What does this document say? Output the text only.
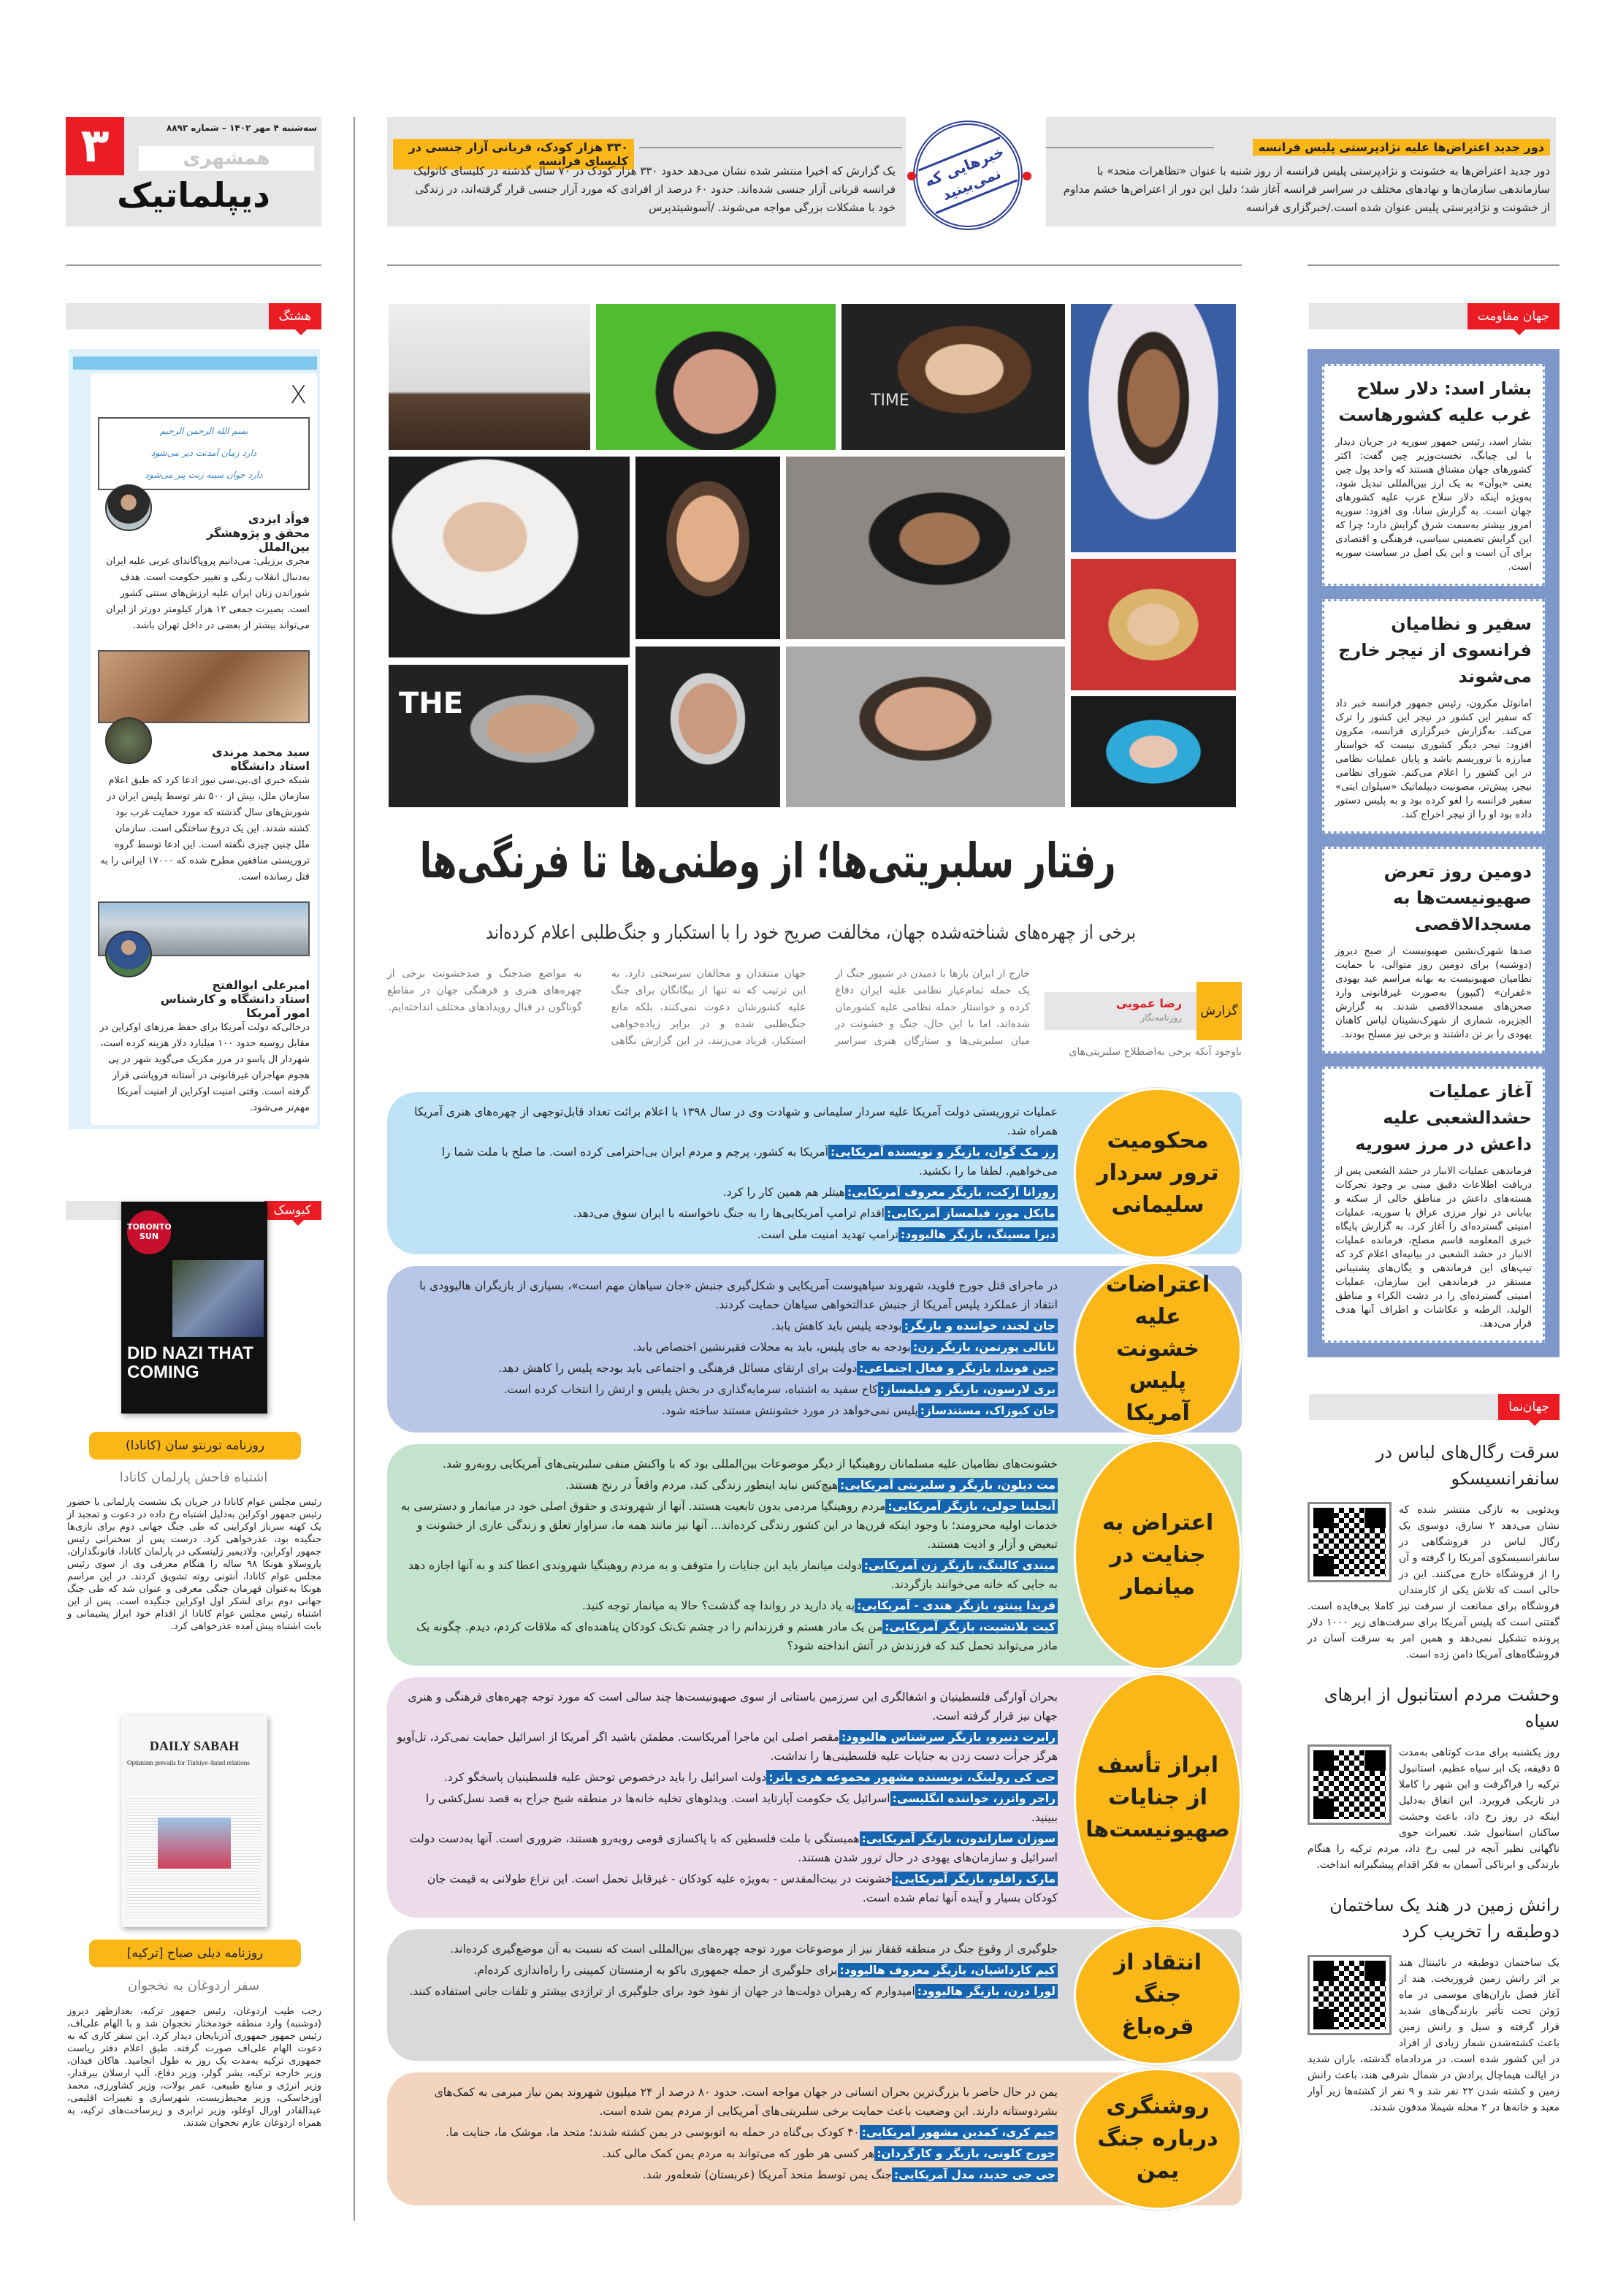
۳	سه‌شنبه ۴ مهر ۱۴۰۲ – شماره ۸۸۹۳
همشهری
دیپلماتیک
دور جدید اعتراض‌ها علیه نژادپرستی پلیس فرانسه
دور جدید اعتراض‌ها به خشونت و نژادپرستی پلیس فرانسه از روز شنبه با عنوان «تظاهرات متحد» با سازماندهی سازمان‌ها و نهادهای مختلف در سراسر فرانسه آغاز شد؛ دلیل این دور از اعتراض‌ها خشم مداوم از خشونت و نژادپرستی پلیس عنوان شده است./خبرگزاری فرانسه
۳۳۰ هزار کودک، قربانی آزار جنسی در کلیسای فرانسه
یک گزارش که اخیرا منتشر شده نشان می‌دهد حدود ۳۳۰ هزار کودک در ۷۰ سال گذشته در کلیسای کاتولیک فرانسه قربانی آزار جنسی شده‌اند. حدود ۶۰ درصد از افرادی که مورد آزار جنسی قرار گرفته‌اند، در زندگی خود با مشکلات بزرگی مواجه می‌شوند. /آسوشیتدپرس
خبرهایی که نمی‌بینید
هشتگ
X
بسم الله الرحمن الرحیم
دارد زمان آمدنت دیر می‌شود
دارد جوان سینه زنت پیر می‌شود
فوأد ایزدی
محقق و پژوهشگر بین‌الملل
مجری برزیلی: می‌دانیم پروپاگاندای غربی علیه ایران به‌دنبال انقلاب رنگی و تغییر حکومت است. هدف شوراندن زنان ایران علیه ارزش‌های سنتی کشور است. بصیرت جمعی ۱۲ هزار کیلومتر دورتر از ایران می‌تواند بیشتر از بعضی در داخل تهران باشد.
سید محمد مرندی
استاد دانشگاه
شبکه خبری ای.بی.سی نیوز ادعا کرد که طبق اعلام سازمان ملل، بیش از ۵۰۰ نفر توسط پلیس ایران در شورش‌های سال گذشته که مورد حمایت غرب بود کشته شدند. این یک دروغ ساختگی است. سازمان ملل چنین چیزی نگفته است. این ادعا توسط گروه تروریستی منافقین مطرح شده که ۱۷۰۰۰ ایرانی را به قتل رسانده است.
امیرعلی ابوالفتح
استاد دانشگاه و کارشناس امور آمریکا
درحالی‌که دولت آمریکا برای حفظ مرزهای اوکراین در مقابل روسیه حدود ۱۰۰ میلیارد دلار هزینه کرده است، شهردار ال پاسو در مرز مکزیک می‌گوید شهر در پی هجوم مهاجران غیرقانونی در آستانه فروپاشی قرار گرفته است. وقتی امنیت اوکراین از امنیت آمریکا مهم‌تر می‌شود.
کیوسک
TORONTO SUN
DID NAZI THAT COMING
روزنامه تورنتو سان (کانادا)
اشتباه فاحش پارلمان کانادا
رئیس مجلس عوام کانادا در جریان یک نشست پارلمانی با حضور رئیس جمهور اوکراین به‌دلیل اشتباه رخ داده در دعوت و تمجید از یک کهنه سرباز اوکراینی که طی جنگ جهانی دوم برای نازی‌ها جنگیده بود، عذرخواهی کرد. درست پس از سخنرانی رئیس جمهور اوکراین، ولادیمیر زلینسکی در پارلمان کانادا، قانونگذاران، یاروسلاو هونکا ۹۸ ساله را هنگام معرفی وی از سوی رئیس مجلس عوام کانادا، آنتونی روته تشویق کردند. در این مراسم هونکا به‌عنوان قهرمان جنگی معرفی و عنوان شد که طی جنگ جهانی دوم برای لشکر اول اوکراین جنگیده است. پس از این اشتباه رئیس مجلس عوام کانادا از اقدام خود ابراز پشیمانی و بابت اشتباه پیش آمده عذرخواهی کرد.
DAILY SABAH
Optimism prevails for Türkiye–Israel relations
روزنامه دیلی صباح [ترکیه]
سفر اردوغان به نخجوان
رجب طیب اردوغان، رئیس جمهور ترکیه، بعدازظهر دیروز (دوشنبه) وارد منطقه خودمختار نخجوان شد و با الهام علی‌اف، رئیس جمهور جمهوری آذربایجان دیدار کرد. این سفر کاری که به دعوت الهام علی‌اف صورت گرفته. طبق اعلام دفتر ریاست جمهوری ترکیه به‌مدت یک روز به طول انجامید. هاکان فیدان، وزیر خارجه ترکیه، یشر گولر، وزیر دفاع، آلپ ارسلان بیرقدار، وزیر انرژی و منابع طبیعی، عمر بولات، وزیر کشاورزی، محمد اوزخاسکی، وزیر محیط‌زیست، شهرسازی و تغییرات اقلیمی، عبدالقادر اورال اوغلو، وزیر ترابری و زیرساخت‌های ترکیه، به همراه اردوغان عازم نخجوان شدند.
TIME
THE
رفتار سلبریتی‌ها؛ از وطنی‌ها تا فرنگی‌ها
برخی از چهره‌های شناخته‌شده جهان، مخالفت صریح خود را با استکبار و جنگ‌طلبی اعلام کرده‌اند
گزارش
رضا عمویی
روزنامه‌نگار
باوجود آنکه برخی به‌اصطلاح سلبریتی‌های
خارج از ایران بارها با دمیدن در شیپور جنگ از یک حمله تمام‌عیار نظامی علیه ایران دفاع کرده و خواستار حمله نظامی علیه کشورمان شده‌اند، اما با این حال، جنگ و خشونت در میان سلبریتی‌ها و ستارگان هنری سراسر جهان منتقدان و مخالفان سرسختی دارد. به این ترتیب که نه تنها از بیگانگان برای جنگ علیه کشورشان دعوت نمی‌کنند، بلکه مانع جنگ‌طلبی شده و در برابر زیاده‌خواهی استکبار، فریاد می‌زنند. در این گزارش نگاهی به مواضع ضدجنگ و ضدخشونت برخی از چهره‌های هنری و فرهنگی جهان در مقاطع گوناگون در قبال رویدادهای مختلف انداخته‌ایم.
محکومیت ترور سردار سلیمانی
عملیات تروریستی دولت آمریکا علیه سردار سلیمانی و شهادت وی در سال ۱۳۹۸ با اعلام برائت تعداد قابل‌توجهی از چهره‌های هنری آمریکا همراه شد.
رز مک گوان، بازیگر و نویسنده آمریکایی:آمریکا به کشور، پرچم و مردم ایران بی‌احترامی کرده است. ما صلح با ملت شما را می‌خواهیم. لطفا ما را نکشید.
روزانا آرکت، بازیگر معروف آمریکایی:هیتلر هم همین کار را کرد.
مایکل مور، فیلمساز آمریکایی:اقدام ترامپ آمریکایی‌ها را به جنگ ناخواسته با ایران سوق می‌دهد.
دبرا مسینگ، بازیگر هالیوود:ترامپ تهدید امنیت ملی است.
اعتراضات علیه خشونت پلیس آمریکا
در ماجرای قتل جورج فلوید، شهروند سیاهپوست آمریکایی و شکل‌گیری جنبش «جان سیاهان مهم است»، بسیاری از بازیگران هالیوودی با انتقاد از عملکرد پلیس آمریکا از جنبش عدالتخواهی سیاهان حمایت کردند.
جان لجند، خواننده و بازیگر:بودجه پلیس باید کاهش یابد.
ناتالی پورتمن، بازیگر زن:بودجه به جای پلیس، باید به محلات فقیرنشین اختصاص یابد.
جین فوندا، بازیگر و فعال اجتماعی:دولت برای ارتقای مسائل فرهنگی و اجتماعی باید بودجه پلیس را کاهش دهد.
بری لارسون، بازیگر و فیلمساز:کاخ سفید به اشتباه، سرمایه‌گذاری در بخش پلیس و ارتش را انتخاب کرده است.
جان کیوزاک، مستندساز:پلیس نمی‌خواهد در مورد خشونتش مستند ساخته شود.
اعتراض به جنایت در میانمار
خشونت‌های نظامیان علیه مسلمانان روهینگیا از دیگر موضوعات بین‌المللی بود که با واکنش منفی سلبریتی‌های آمریکایی روبه‌رو شد.
مت دیلون، بازیگر و سلبریتی آمریکایی:هیچ‌کس نباید اینطور زندگی کند، مردم واقعاً در رنج هستند.
آنجلینا جولی، بازیگر آمریکایی:مردم روهینگیا مردمی بدون تابعیت هستند. آنها از شهروندی و حقوق اصلی خود در میانمار و دسترسی به خدمات اولیه محرومند؛ با وجود اینکه قرن‌ها در این کشور زندگی کرده‌اند... آنها نیز مانند همه ما، سزاوار تعلق و زندگی عاری از خشونت و تبعیض و آزار و اذیت هستند.
میندی کالینگ، بازیگر زن آمریکایی:دولت میانمار باید این جنایات را متوقف و به مردم روهینگیا شهروندی اعطا کند و به آنها اجازه دهد به جایی که خانه می‌خوانند بازگردند.
فریدا پینتو، بازیگر هندی - آمریکایی:به یاد دارید در رواندا چه گذشت؟ حالا به میانمار توجه کنید.
کیت بلانشیت، بازیگر آمریکایی:من یک مادر هستم و فرزندانم را در چشم تک‌تک کودکان پناهنده‌ای که ملاقات کردم، دیدم. چگونه یک مادر می‌تواند تحمل کند که فرزندش در آتش انداخته شود؟
ابراز تأسف از جنایات صهیونیست‌ها
بحران آوارگی فلسطینیان و اشغالگری این سرزمین باستانی از سوی صهیونیست‌ها چند سالی است که مورد توجه چهره‌های فرهنگی و هنری جهان نیز قرار گرفته است.
رابرت دنیرو، بازیگر سرشناس هالیوود:مقصر اصلی این ماجرا آمریکاست. مطمئن باشید اگر آمریکا از اسرائیل حمایت نمی‌کرد، تل‌آویو هرگز جرأت دست زدن به جنایات علیه فلسطینی‌ها را نداشت.
جی کی رولینگ، نویسنده مشهور مجموعه هری پاتر:دولت اسرائیل را باید درخصوص توحش علیه فلسطینیان پاسخگو کرد.
راجر واترز، خواننده انگلیسی:اسرائیل یک حکومت آپارتاید است. ویدئوهای تخلیه خانه‌ها در منطقه شیخ جراح به قصد نسل‌کشی را ببینید.
سوزان ساراندون، بازیگر آمریکایی:همبستگی با ملت فلسطین که با پاکسازی قومی روبه‌رو هستند، ضروری است. آنها به‌دست دولت اسرائیل و سازمان‌های یهودی در حال ترور شدن هستند.
مارک رافلو، بازیگر آمریکایی:خشونت در بیت‌المقدس - به‌ویژه علیه کودکان - غیرقابل تحمل است. این نزاع طولانی به قیمت جان کودکان بسیار و آینده آنها تمام شده است.
انتقاد از جنگ قره‌باغ
جلوگیری از وقوع جنگ در منطقه قفقاز نیز از موضوعات مورد توجه چهره‌های بین‌المللی است که نسبت به آن موضع‌گیری کرده‌اند.
کیم کارداشیان، بازیگر معروف هالیوود:برای جلوگیری از حمله جمهوری باکو به ارمنستان کمپینی را راه‌اندازی کرده‌ام.
لورا درن، بازیگر هالیوود:امیدوارم که رهبران دولت‌ها در جهان از نفوذ خود برای جلوگیری از تراژدی بیشتر و تلفات جانی استفاده کنند.
روشنگری درباره جنگ یمن
یمن در حال حاضر با بزرگ‌ترین بحران انسانی در جهان مواجه است. حدود ۸۰ درصد از ۲۴ میلیون شهروند یمن نیاز مبرمی به کمک‌های بشردوستانه دارند. این وضعیت باعث حمایت برخی سلبریتی‌های آمریکایی از مردم یمن شده است.
جیم کری، کمدین مشهور آمریکایی:۴۰ کودک بی‌گناه در حمله به اتوبوسی در یمن کشته شدند؛ متحد ما، موشک ما، جنایت ما.
جورج کلونی، بازیگر و کارگردان:هر کسی هر طور که می‌تواند به مردم یمن کمک مالی کند.
جی جی حدید، مدل آمریکایی:جنگ یمن توسط متحد آمریکا (عربستان) شعله‌ور شد.
جهان مقاومت
بشار اسد: دلار سلاح غرب علیه کشورهاست

بشار اسد، رئیس جمهور سوریه در جریان دیدار با لی چیانگ، نخست‌وزیر چین گفت: اکثر کشورهای جهان مشتاق هستند که واحد پول چین یعنی «یوآن» به یک ارز بین‌المللی تبدیل شود، به‌ویژه اینکه دلار سلاح غرب علیه کشورهای جهان است. به گزارش سانا، وی افزود: سوریه امروز بیشتر به‌سمت شرق گرایش دارد؛ چرا که این گرایش تضمینی سیاسی، فرهنگی و اقتصادی برای آن است و این یک اصل در سیاست سوریه است.

سفیر و نظامیان فرانسوی از نیجر خارج می‌شوند

امانوئل مکرون، رئیس جمهور فرانسه خبر داد که سفیر این کشور در نیجر این کشور را ترک می‌کند. به‌گزارش خبرگزاری فرانسه، مکرون افزود: نیجر دیگر کشوری نیست که خواستار مبارزه با تروریسم باشد و پایان عملیات نظامی در این کشور را اعلام می‌کنم. شورای نظامی نیجر، پیش‌تر، مصونیت دیپلماتیک «سیلوان ایتی» سفیر فرانسه را لغو کرده بود و به پلیس دستور داده بود او را از نیجر اخراج کند.

دومین روز تعرض صهیونیست‌ها به مسجدالاقصی

صدها شهرک‌نشین صهیونیست از صبح دیروز (دوشنبه) برای دومین روز متوالی، با حمایت نظامیان صهیونیست به بهانه مراسم عید یهودی «غفران» (کیپور) به‌صورت غیرقانونی وارد صحن‌های مسجدالاقصی شدند. به گزارش الجزیره، شماری از شهرک‌نشینان لباس کاهنان یهودی را بر تن داشتند و برخی نیز مسلح بودند.

آغاز عملیات حشدالشعبی علیه داعش در مرز سوریه

فرماندهی عملیات الانبار در حشد الشعبی پس از دریافت اطلاعات دقیق مبنی بر وجود تحرکات هسته‌های داعش در مناطق خالی از سکنه و بیابانی در نوار مرزی عراق با سوریه، عملیات امنیتی گسترده‌ای را آغاز کرد. به گزارش پایگاه خبری المعلومه قاسم مصلح، فرمانده عملیات الانبار در حشد الشعبی در بیانیه‌ای اعلام کرد که تیپ‌های این فرماندهی و یگان‌های پشتیبانی مستقر در فرماندهی این سازمان، عملیات امنیتی گسترده‌ای را در دشت الکراء و مناطق الولید، الرطبه و عکاشات و اطراف آنها هدف قرار می‌دهد.

جهان‌نما
سرقت رگال‌های لباس در سانفرانسیسکو

ویدئویی به تازگی منتشر شده که نشان می‌دهد ۲ سارق، دوسوی یک رگال لباس در فروشگاهی در سانفرانسیسکوی آمریکا را گرفته و آن را از فروشگاه خارج می‌کنند. این در حالی است که تلاش یکی از کارمندان فروشگاه برای ممانعت از سرقت نیز کاملا بی‌فایده است. گفتنی است که پلیس آمریکا برای سرقت‌های زیر ۱۰۰۰ دلار پرونده تشکیل نمی‌دهد و همین امر به سرقت آسان در فروشگاه‌های آمریکا دامن زده است.

وحشت مردم استانبول از ابرهای سیاه

روز یکشنبه برای مدت کوتاهی به‌مدت ۵ دقیقه، یک ابر سیاه عظیم، استانبول ترکیه را فراگرفت و این شهر را کاملا در تاریکی فروبرد. این اتفاق به‌دلیل اینکه در روز رخ داد، باعث وحشت ساکنان استانبول شد. تغییرات جوی ناگهانی نظیر آنچه در لیبی رخ داد، مردم ترکیه را هنگام بارندگی و ابرناکی آسمان به فکر اقدام پیشگیرانه انداخت.

رانش زمین در هند یک ساختمان دوطبقه را تخریب کرد

یک ساختمان دوطبقه در نائینتال هند بر اثر رانش زمین فروریخت. هند از آغاز فصل باران‌های موسمی در ماه ژوئن تحت تأثیر بارندگی‌های شدید قرار گرفته و سیل و رانش زمین باعث کشته‌شدن شمار زیادی از افراد در این کشور شده است. در مردادماه گذشته، باران شدید در ایالت هیماچال پرادش در شمال شرقی هند، باعث رانش زمین و کشته شدن ۲۲ نفر شد و ۹ نفر از کشته‌ها زیر آوار معبد و خانه‌ها در ۲ محله شیملا مدفون شدند.
